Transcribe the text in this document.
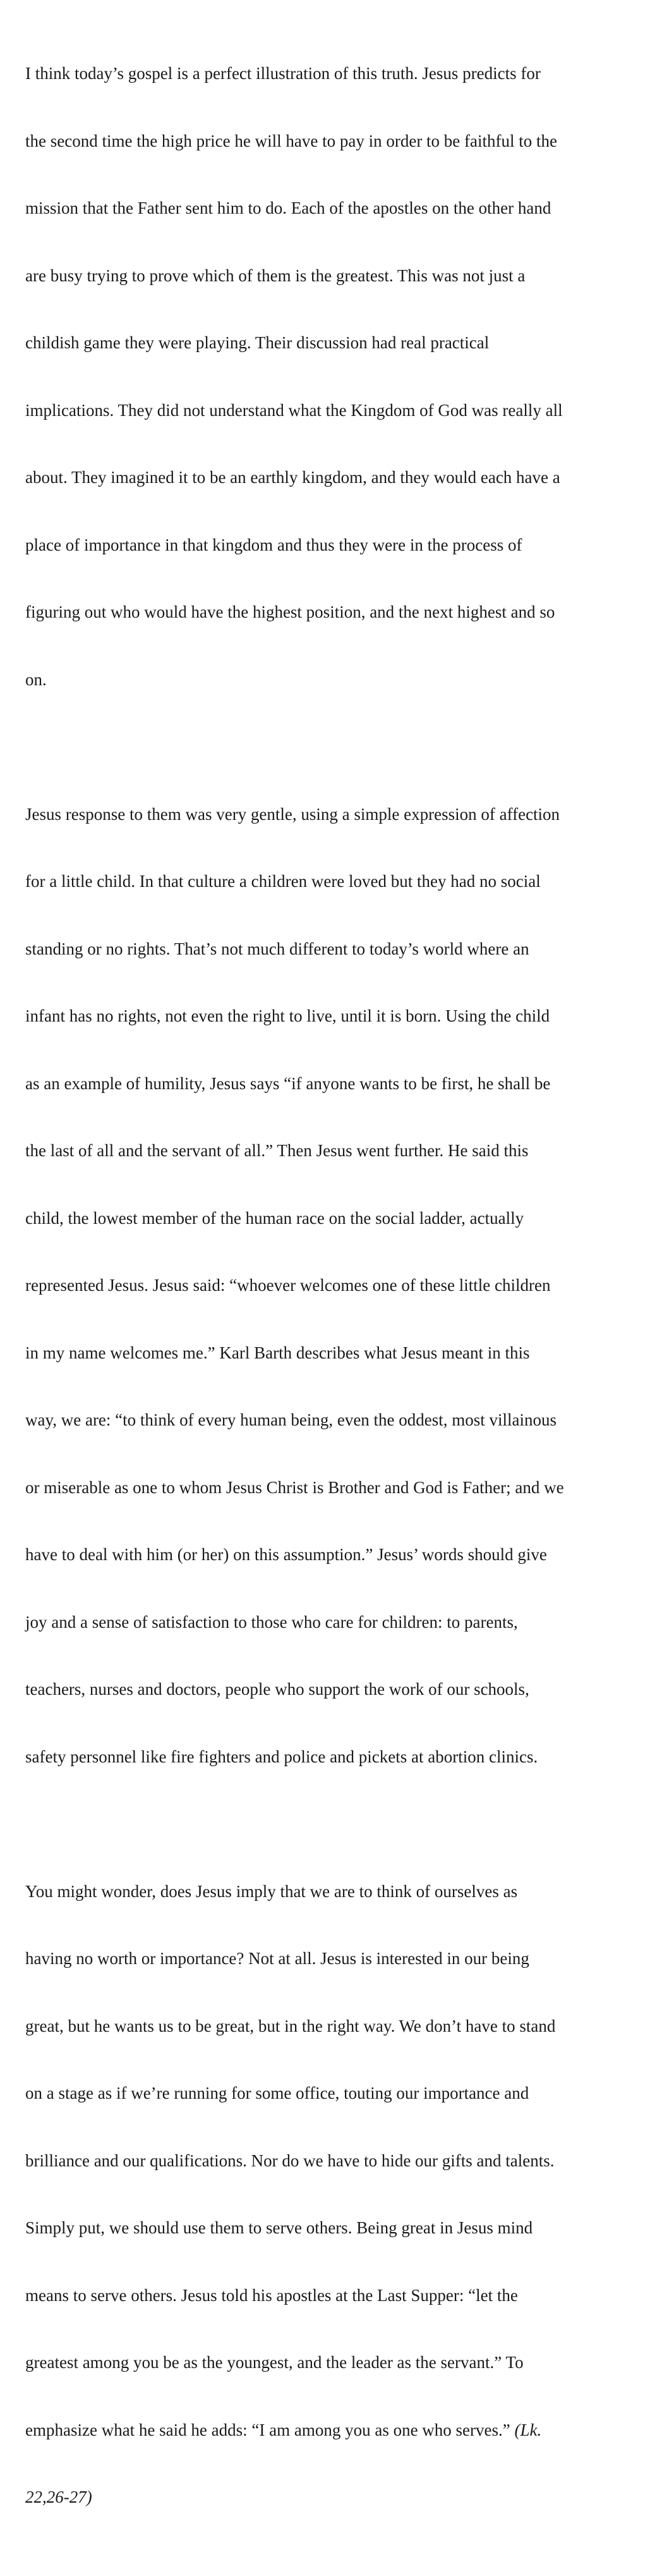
I think today’s gospel is a perfect illustration of this truth. Jesus predicts for

the second time the high price he will have to pay in order to be faithful to the

mission that the Father sent him to do. Each of the apostles on the other hand

are busy trying to prove which of them is the greatest. This was not just a

childish game they were playing. Their discussion had real practical

implications. They did not understand what the Kingdom of God was really all

about. They imagined it to be an earthly kingdom, and they would each have a

place of importance in that kingdom and thus they were in the process of

figuring out who would have the highest position, and the next highest and so

on.

Jesus response to them was very gentle, using a simple expression of affection

for a little child. In that culture a children were loved but they had no social

standing or no rights. That’s not much different to today’s world where an

infant has no rights, not even the right to live, until it is born. Using the child

as an example of humility, Jesus says “if anyone wants to be first, he shall be

the last of all and the servant of all.” Then Jesus went further. He said this

child, the lowest member of the human race on the social ladder, actually

represented Jesus. Jesus said: “whoever welcomes one of these little children

in my name welcomes me.” Karl Barth describes what Jesus meant in this

way, we are: “to think of every human being, even the oddest, most villainous

or miserable as one to whom Jesus Christ is Brother and God is Father; and we

have to deal with him (or her) on this assumption.” Jesus’ words should give

joy and a sense of satisfaction to those who care for children: to parents,

teachers, nurses and doctors, people who support the work of our schools,

safety personnel like fire fighters and police and pickets at abortion clinics.

You might wonder, does Jesus imply that we are to think of ourselves as

having no worth or importance? Not at all. Jesus is interested in our being

great, but he wants us to be great, but in the right way. We don’t have to stand

on a stage as if we’re running for some office, touting our importance and

brilliance and our qualifications. Nor do we have to hide our gifts and talents.

Simply put, we should use them to serve others. Being great in Jesus mind

means to serve others. Jesus told his apostles at the Last Supper: “let the

greatest among you be as the youngest, and the leader as the servant.” To

emphasize what he said he adds: “I am among you as one who serves.” (Lk.

22,26-27)
